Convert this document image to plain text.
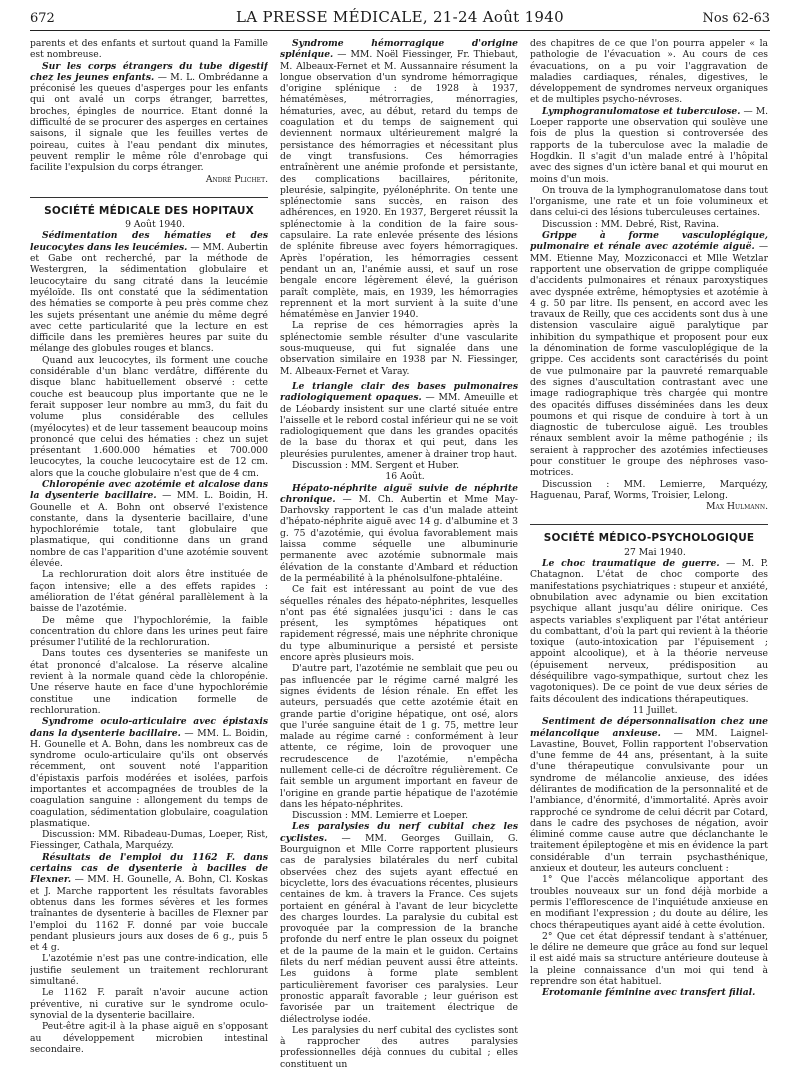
672	LA PRESSE MÉDICALE, 21-24 Août 1940	Nos 62-63

parents et des enfants et surtout quand la Famille est nombreuse.

Sur les corps étrangers du tube digestif chez les jeunes enfants. — M. L. Ombrédanne a préconisé les queues d'asperges pour les enfants qui ont avalé un corps étranger, barrettes, broches, épingles de nourrice. Etant donné la difficulté de se procurer des asperges en certaines saisons, il signale que les feuilles vertes de poireau, cuites à l'eau pendant dix minutes, peuvent remplir le même rôle d'enrobage qui facilite l'expulsion du corps étranger.

André Plichet.

SOCIÉTÉ MÉDICALE DES HOPITAUX

9 Août 1940.

Sédimentation des hématies et des leucocytes dans les leucémies. — MM. Aubertin et Gabe ont recherché, par la méthode de Westergren, la sédimentation globulaire et leucocytaire du sang citraté dans la leucémie myéloïde. Ils ont constaté que la sédimentation des hématies se comporte à peu près comme chez les sujets présentant une anémie du même degré avec cette particularité que la lecture en est difficile dans les premières heures par suite du mélange des globules rouges et blancs.

Quand aux leucocytes, ils forment une couche considérable d'un blanc verdâtre, différente du disque blanc habituellement observé : cette couche est beaucoup plus importante que ne le ferait supposer leur nombre au mm3, du fait du volume plus considérable des cellules (myélocytes) et de leur tassement beaucoup moins prononcé que celui des hématies : chez un sujet présentant 1.600.000 hématies et 700.000 leucocytes, la couche leucocytaire est de 12 cm. alors que la couche globulaire n'est que de 4 cm.

Chloropénie avec azotémie et alcalose dans la dysenterie bacillaire. — MM. L. Boidin, H. Gounelle et A. Bohn ont observé l'existence constante, dans la dysenterie bacillaire, d'une hypochlorémie totale, tant globulaire que plasmatique, qui conditionne dans un grand nombre de cas l'apparition d'une azotémie souvent élevée.

La rechloruration doit alors être instituée de façon intensive; elle a des effets rapides : amélioration de l'état général parallèlement à la baisse de l'azotémie.

De même que l'hypochlorémie, la faible concentration du chlore dans les urines peut faire présumer l'utilité de la rechloruration.

Dans toutes ces dysenteries se manifeste un état prononcé d'alcalose. La réserve alcaline revient à la normale quand cède la chloropénie. Une réserve haute en face d'une hypochlorémie constitue une indication formelle de rechloruration.

Syndrome oculo-articulaire avec épistaxis dans la dysenterie bacillaire. — MM. L. Boidin, H. Gounelle et A. Bohn, dans les nombreux cas de syndrome oculo-articulaire qu'ils ont observés récemment, ont souvent noté l'apparition d'épistaxis parfois modérées et isolées, parfois importantes et accompagnées de troubles de la coagulation sanguine : allongement du temps de coagulation, sédimentation globulaire, coagulation plasmatique.

Discussion: MM. Ribadeau-Dumas, Loeper, Rist, Fiessinger, Cathala, Marquézy.

Résultats de l'emploi du 1162 F. dans certains cas de dysenterie à bacilles de Flexner. — MM. H. Gounelle, A. Bohn, Cl. Koskas et J. Marche rapportent les résultats favorables obtenus dans les formes sévères et les formes traînantes de dysenterie à bacilles de Flexner par l'emploi du 1162 F. donné par voie buccale pendant plusieurs jours aux doses de 6 g., puis 5 et 4 g.

L'azotémie n'est pas une contre-indication, elle justifie seulement un traitement rechlorurant simultané.

Le 1162 F. paraît n'avoir aucune action préventive, ni curative sur le syndrome oculo-synovial de la dysenterie bacillaire.

Peut-être agit-il à la phase aiguë en s'opposant au développement microbien intestinal secondaire.

Syndrome hémorragique d'origine splénique. — MM. Noël Fiessinger, Fr. Thiebaut, M. Albeaux-Fernet et M. Aussannaire résument la longue observation d'un syndrome hémorragique d'origine splénique : de 1928 à 1937, hématémèses, métrorragies, ménorragies, hématuries, avec, au début, retard du temps de coagulation et du temps de saignement qui deviennent normaux ultérieurement malgré la persistance des hémorragies et nécessitant plus de vingt transfusions. Ces hémorragies entraînèrent une anémie profonde et persistante, des complications bacillaires, péritonite, pleurésie, salpingite, pyélonéphrite. On tente une splénectomie sans succès, en raison des adhérences, en 1920. En 1937, Bergeret réussit la splénectomie à la condition de la faire sous-capsulaire. La rate enlevée présente des lésions de splénite fibreuse avec foyers hémorragiques. Après l'opération, les hémorragies cessent pendant un an, l'anémie aussi, et sauf un rose bengale encore légèrement élevé, la guérison paraît complète, mais, en 1939, les hémorragies reprennent et la mort survient à la suite d'une hématémèse en Janvier 1940.

La reprise de ces hémorragies après la splénectomie semble résulter d'une vascularite sous-muqueuse, qui fut signalée dans une observation similaire en 1938 par N. Fiessinger, M. Albeaux-Fernet et Varay.

Le triangle clair des bases pulmonaires radiologiquement opaques. — MM. Ameuille et de Léobardy insistent sur une clarté située entre l'aisselle et le rebord costal inférieur qui ne se voit radiologiquement que dans les grandes opacités de la base du thorax et qui peut, dans les pleurésies purulentes, amener à drainer trop haut.

Discussion : MM. Sergent et Huber.

16 Août.

Hépato-néphrite aiguë suivie de néphrite chronique. — M. Ch. Aubertin et Mme May-Darhovsky rapportent le cas d'un malade atteint d'hépato-néphrite aiguë avec 14 g. d'albumine et 3 g. 75 d'azotémie, qui évolua favorablement mais laissa comme séquelle une albuminurie permanente avec azotémie subnormale mais élévation de la constante d'Ambard et réduction de la perméabilité à la phénolsulfone-phtaléine.

Ce fait est intéressant au point de vue des séquelles rénales des hépato-néphrites, lesquelles n'ont pas été signalées jusqu'ici : dans le cas présent, les symptômes hépatiques ont rapidement régressé, mais une néphrite chronique du type albuminurique a persisté et persiste encore après plusieurs mois.

D'autre part, l'azotémie ne semblait que peu ou pas influencée par le régime carné malgré les signes évidents de lésion rénale. En effet les auteurs, persuadés que cette azotémie était en grande partie d'origine hépatique, ont osé, alors que l'urée sanguine était de 1 g. 75, mettre leur malade au régime carné : conformément à leur attente, ce régime, loin de provoquer une recrudescence de l'azotémie, n'empêcha nullement celle-ci de décroître régulièrement. Ce fait semble un argument important en faveur de l'origine en grande partie hépatique de l'azotémie dans les hépato-néphrites.

Discussion : MM. Lemierre et Loeper.

Les paralysies du nerf cubital chez les cyclistes. — MM. Georges Guillain, G. Bourguignon et Mlle Corre rapportent plusieurs cas de paralysies bilatérales du nerf cubital observées chez des sujets ayant effectué en bicyclette, lors des évacuations récentes, plusieurs centaines de km. à travers la France. Ces sujets portaient en général à l'avant de leur bicyclette des charges lourdes. La paralysie du cubital est provoquée par la compression de la branche profonde du nerf entre le plan osseux du poignet et de la paume de la main et le guidon. Certains filets du nerf médian peuvent aussi être atteints. Les guidons à forme plate semblent particulièrement favoriser ces paralysies. Leur pronostic apparaît favorable ; leur guérison est favorisée par un traitement électrique de diélectrolyse iodée.

Les paralysies du nerf cubital des cyclistes sont à rapprocher des autres paralysies professionnelles déjà connues du cubital ; elles constituent un

des chapitres de ce que l'on pourra appeler « la pathologie de l'évacuation ». Au cours de ces évacuations, on a pu voir l'aggravation de maladies cardiaques, rénales, digestives, le développement de syndromes nerveux organiques et de multiples psycho-névroses.

Lymphogranulomatose et tuberculose. — M. Loeper rapporte une observation qui soulève une fois de plus la question si controversée des rapports de la tuberculose avec la maladie de Hogdkin. Il s'agit d'un malade entré à l'hôpital avec des signes d'un ictère banal et qui mourut en moins d'un mois.

On trouva de la lymphogranulomatose dans tout l'organisme, une rate et un foie volumineux et dans celui-ci des lésions tuberculeuses certaines.

Discussion : MM. Debré, Rist, Ravina.

Grippe à forme vasculoplégique, pulmonaire et rénale avec azotémie aiguë. — MM. Etienne May, Mozziconacci et Mlle Wetzlar rapportent une observation de grippe compliquée d'accidents pulmonaires et rénaux paroxystiques avec dyspnée extrême, hémoptysies et azotémie à 4 g. 50 par litre. Ils pensent, en accord avec les travaux de Reilly, que ces accidents sont dus à une distension vasculaire aiguë paralytique par inhibition du sympathique et proposent pour eux la dénomination de forme vasculoplégique de la grippe. Ces accidents sont caractérisés du point de vue pulmonaire par la pauvreté remarquable des signes d'auscultation contrastant avec une image radiographique très chargée qui montre des opacités diffuses disséminées dans les deux poumons et qui risque de conduire à tort à un diagnostic de tuberculose aiguë. Les troubles rénaux semblent avoir la même pathogénie ; ils seraient à rapprocher des azotémies infectieuses pour constituer le groupe des néphroses vaso-motrices.

Discussion : MM. Lemierre, Marquézy, Haguenau, Paraf, Worms, Troisier, Lelong.

Max Hulmann.

SOCIÉTÉ MÉDICO-PSYCHOLOGIQUE

27 Mai 1940.

Le choc traumatique de guerre. — M. P. Chatagnon. L'état de choc comporte des manifestations psychiatriques : stupeur et anxiété, obnubilation avec adynamie ou bien excitation psychique allant jusqu'au délire onirique. Ces aspects variables s'expliquent par l'état antérieur du combattant, d'où la part qui revient à la théorie toxique (auto-intoxication par l'épuisement ; appoint alcoolique), et à la théorie nerveuse (épuisement nerveux, prédisposition au déséquilibre vago-sympathique, surtout chez les vagotoniques). De ce point de vue deux séries de faits découlent des indications thérapeutiques.

11 Juillet.

Sentiment de dépersonnalisation chez une mélancolique anxieuse. — MM. Laignel-Lavastine, Bouvet, Follin rapportent l'observation d'une femme de 44 ans, présentant, à la suite d'une thérapeutique convulsivante pour un syndrome de mélancolie anxieuse, des idées délirantes de modification de la personnalité et de l'ambiance, d'énormité, d'immortalité. Après avoir rapproché ce syndrome de celui décrit par Cotard, dans le cadre des psychoses de négation, avoir éliminé comme cause autre que déclanchante le traitement épileptogène et mis en évidence la part considérable d'un terrain psychasthénique, anxieux et douteur, les auteurs concluent :

1° Que l'accès mélancolique apportant des troubles nouveaux sur un fond déjà morbide a permis l'efflorescence de l'inquiétude anxieuse en en modifiant l'expression ; du doute au délire, les chocs thérapeutiques ayant aidé à cette évolution.

2° Que cet état dépressif tendant à s'atténuer, le délire ne demeure que grâce au fond sur lequel il est aidé mais sa structure antérieure douteuse à la pleine connaissance d'un moi qui tend à reprendre son état habituel.

Erotomanie féminine avec transfert filial.
